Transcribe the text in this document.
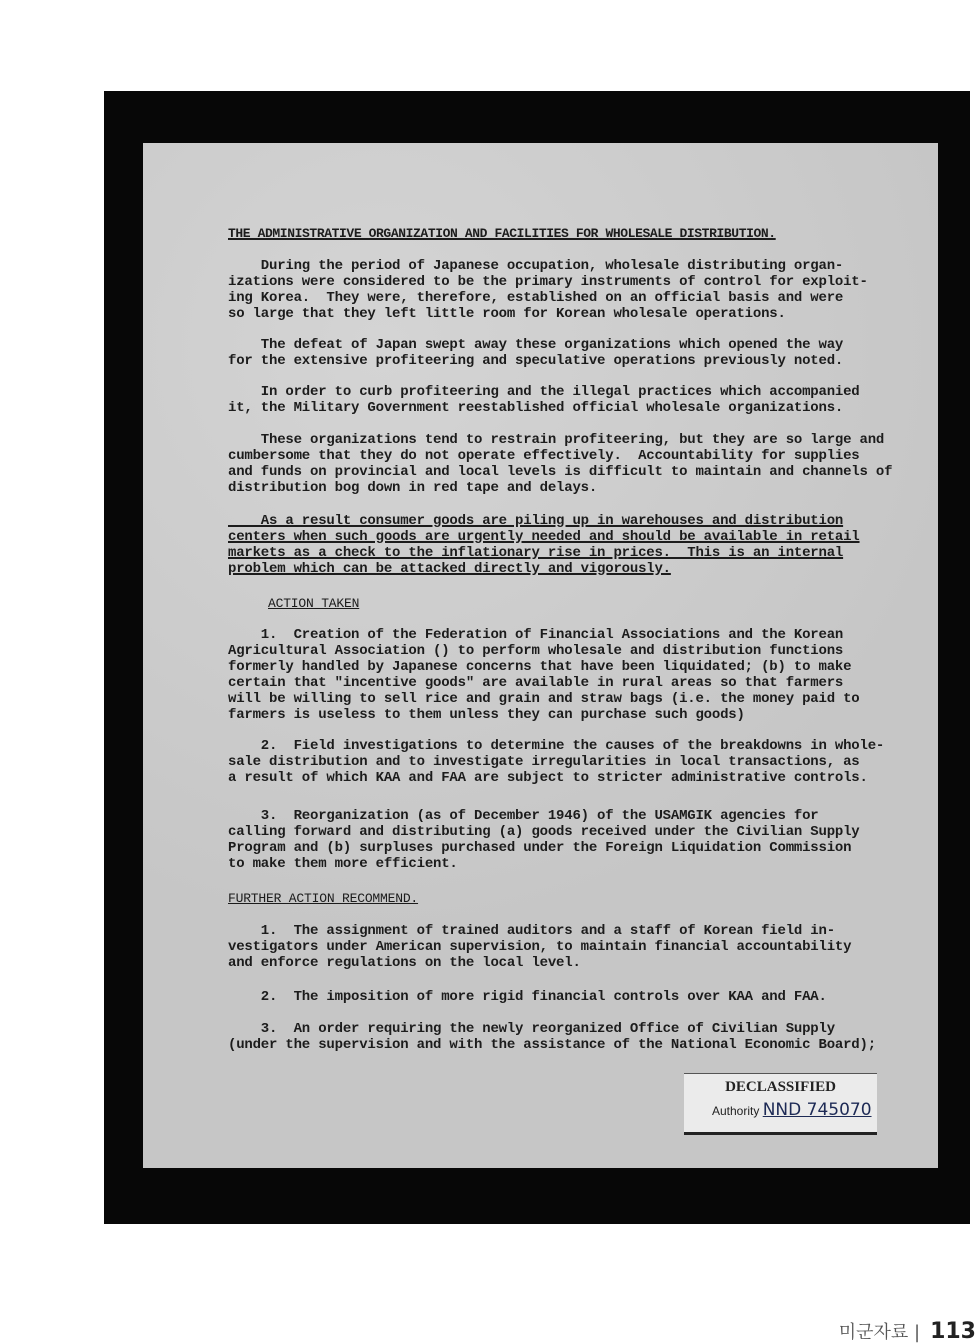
THE ADMINISTRATIVE ORGANIZATION AND FACILITIES FOR WHOLESALE DISTRIBUTION.
During the period of Japanese occupation, wholesale distributing organ-
izations were considered to be the primary instruments of control for exploit-
ing Korea.  They were, therefore, established on an official basis and were
so large that they left little room for Korean wholesale operations.
The defeat of Japan swept away these organizations which opened the way
for the extensive profiteering and speculative operations previously noted.
In order to curb profiteering and the illegal practices which accompanied
it, the Military Government reestablished official wholesale organizations.
These organizations tend to restrain profiteering, but they are so large and
cumbersome that they do not operate effectively.  Accountability for supplies
and funds on provincial and local levels is difficult to maintain and channels of
distribution bog down in red tape and delays.
As a result consumer goods are piling up in warehouses and distribution
centers when such goods are urgently needed and should be available in retail
markets as a check to the inflationary rise in prices.  This is an internal
problem which can be attacked directly and vigorously.
ACTION TAKEN
1.  Creation of the Federation of Financial Associations and the Korean
Agricultural Association () to perform wholesale and distribution functions
formerly handled by Japanese concerns that have been liquidated; (b) to make
certain that "incentive goods" are available in rural areas so that farmers
will be willing to sell rice and grain and straw bags (i.e. the money paid to
farmers is useless to them unless they can purchase such goods)
2.  Field investigations to determine the causes of the breakdowns in whole-
sale distribution and to investigate irregularities in local transactions, as
a result of which KAA and FAA are subject to stricter administrative controls.
3.  Reorganization (as of December 1946) of the USAMGIK agencies for
calling forward and distributing (a) goods received under the Civilian Supply
Program and (b) surpluses purchased under the Foreign Liquidation Commission
to make them more efficient.
FURTHER ACTION RECOMMEND.
1.  The assignment of trained auditors and a staff of Korean field in-
vestigators under American supervision, to maintain financial accountability
and enforce regulations on the local level.
2.  The imposition of more rigid financial controls over KAA and FAA.
3.  An order requiring the newly reorganized Office of Civilian Supply
(under the supervision and with the assistance of the National Economic Board);
DECLASSIFIED
Authority NND 745070
미군자료 | 113
